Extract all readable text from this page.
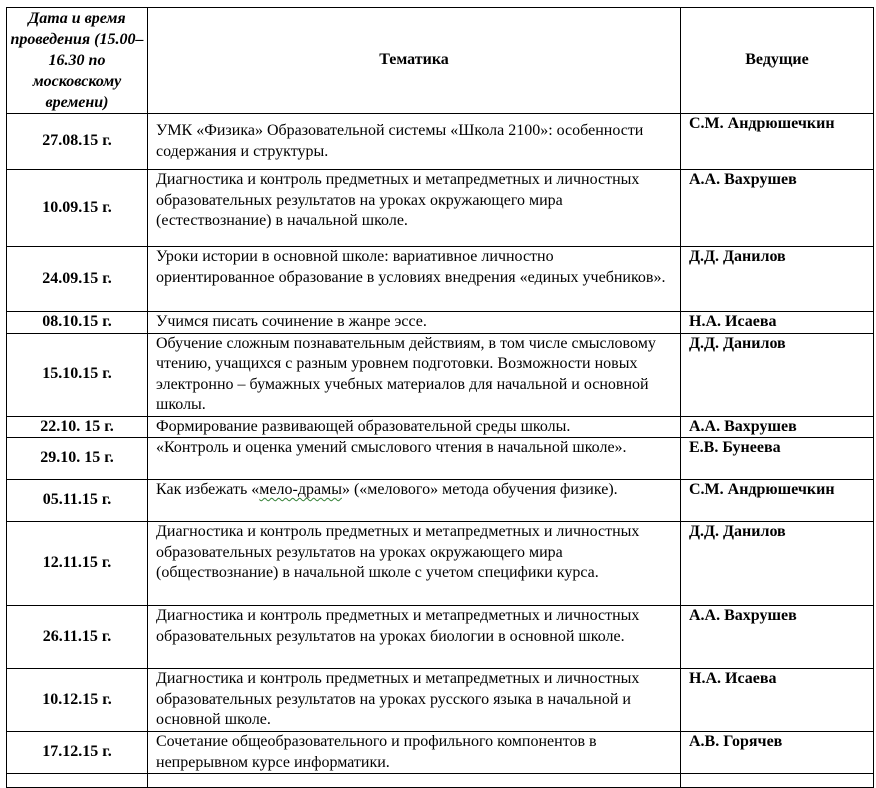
Дата и время проведения (15.00–16.30 по московскому времени)	Тематика	Ведущие
27.08.15 г.	УМК «Физика» Образовательной системы «Школа 2100»: особенности содержания и структуры.	С.М. Андрюшечкин
10.09.15 г.	Диагностика и контроль предметных и метапредметных и личностных образовательных результатов на уроках окружающего мира (естествознание) в начальной школе.	А.А. Вахрушев
24.09.15 г.	Уроки истории в основной школе: вариативное личностно ориентированное образование в условиях внедрения «единых учебников».	Д.Д. Данилов
08.10.15 г.	Учимся писать сочинение в жанре эссе.	Н.А. Исаева
15.10.15 г.	Обучение сложным познавательным действиям, в том числе смысловому чтению, учащихся с разным уровнем подготовки. Возможности новых электронно – бумажных учебных материалов для начальной и основной школы.	Д.Д. Данилов
22.10. 15 г.	Формирование развивающей образовательной среды школы.	А.А. Вахрушев
29.10. 15 г.	«Контроль и оценка умений смыслового чтения в начальной школе».	Е.В. Бунеева
05.11.15 г.	Как избежать «мело-драмы» («мелового» метода обучения физике).	С.М. Андрюшечкин
12.11.15 г.	Диагностика и контроль предметных и метапредметных и личностных образовательных результатов на уроках окружающего мира (обществознание) в начальной школе с учетом специфики курса.	Д.Д. Данилов
26.11.15 г.	Диагностика и контроль предметных и метапредметных и личностных образовательных результатов на уроках биологии в основной школе.	А.А. Вахрушев
10.12.15 г.	Диагностика и контроль предметных и метапредметных и личностных образовательных результатов на уроках русского языка в начальной и основной школе.	Н.А. Исаева
17.12.15 г.	Сочетание общеобразовательного и профильного компонентов в непрерывном курсе информатики.	А.В. Горячев
